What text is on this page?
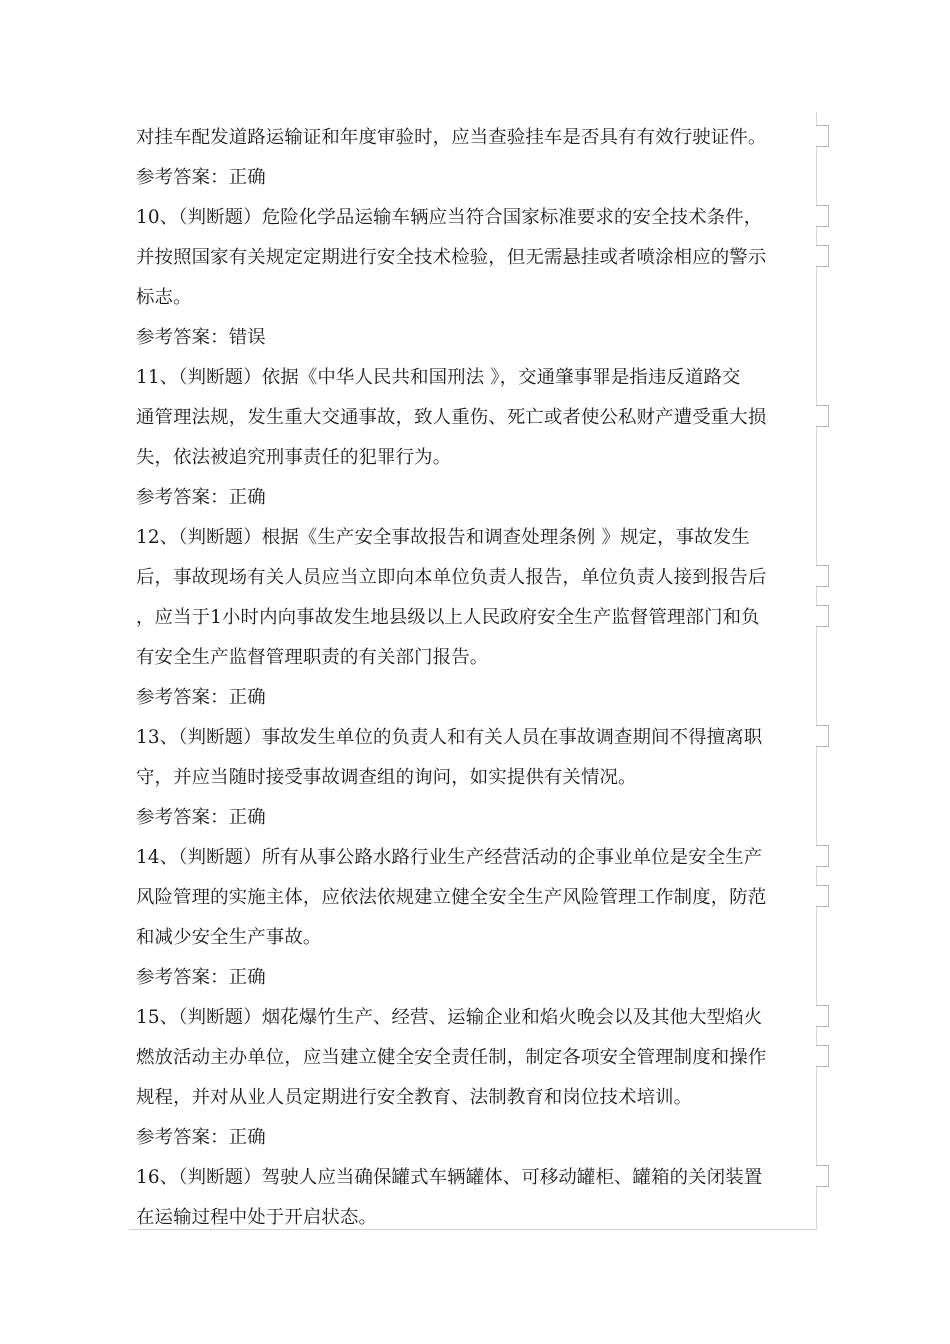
对挂车配发道路运输证和年度审验时，应当查验挂车是否具有有效行驶证件。
参考答案：正确
10、（判断题）危险化学品运输车辆应当符合国家标准要求的安全技术条件，
并按照国家有关规定定期进行安全技术检验，但无需悬挂或者喷涂相应的警示
标志。
参考答案：错误
11、（判断题）依据《中华人民共和国刑法 》，交通肇事罪是指违反道路交
通管理法规，发生重大交通事故，致人重伤、死亡或者使公私财产遭受重大损
失，依法被追究刑事责任的犯罪行为。
参考答案：正确
12、（判断题）根据《生产安全事故报告和调查处理条例 》规定，事故发生
后，事故现场有关人员应当立即向本单位负责人报告，单位负责人接到报告后
，应当于1小时内向事故发生地县级以上人民政府安全生产监督管理部门和负
有安全生产监督管理职责的有关部门报告。
参考答案：正确
13、（判断题）事故发生单位的负责人和有关人员在事故调查期间不得擅离职
守，并应当随时接受事故调查组的询问，如实提供有关情况。
参考答案：正确
14、（判断题）所有从事公路水路行业生产经营活动的企事业单位是安全生产
风险管理的实施主体，应依法依规建立健全安全生产风险管理工作制度，防范
和减少安全生产事故。
参考答案：正确
15、（判断题）烟花爆竹生产、经营、运输企业和焰火晚会以及其他大型焰火
燃放活动主办单位，应当建立健全安全责任制，制定各项安全管理制度和操作
规程，并对从业人员定期进行安全教育、法制教育和岗位技术培训。
参考答案：正确
16、（判断题）驾驶人应当确保罐式车辆罐体、可移动罐柜、罐箱的关闭装置
在运输过程中处于开启状态。
